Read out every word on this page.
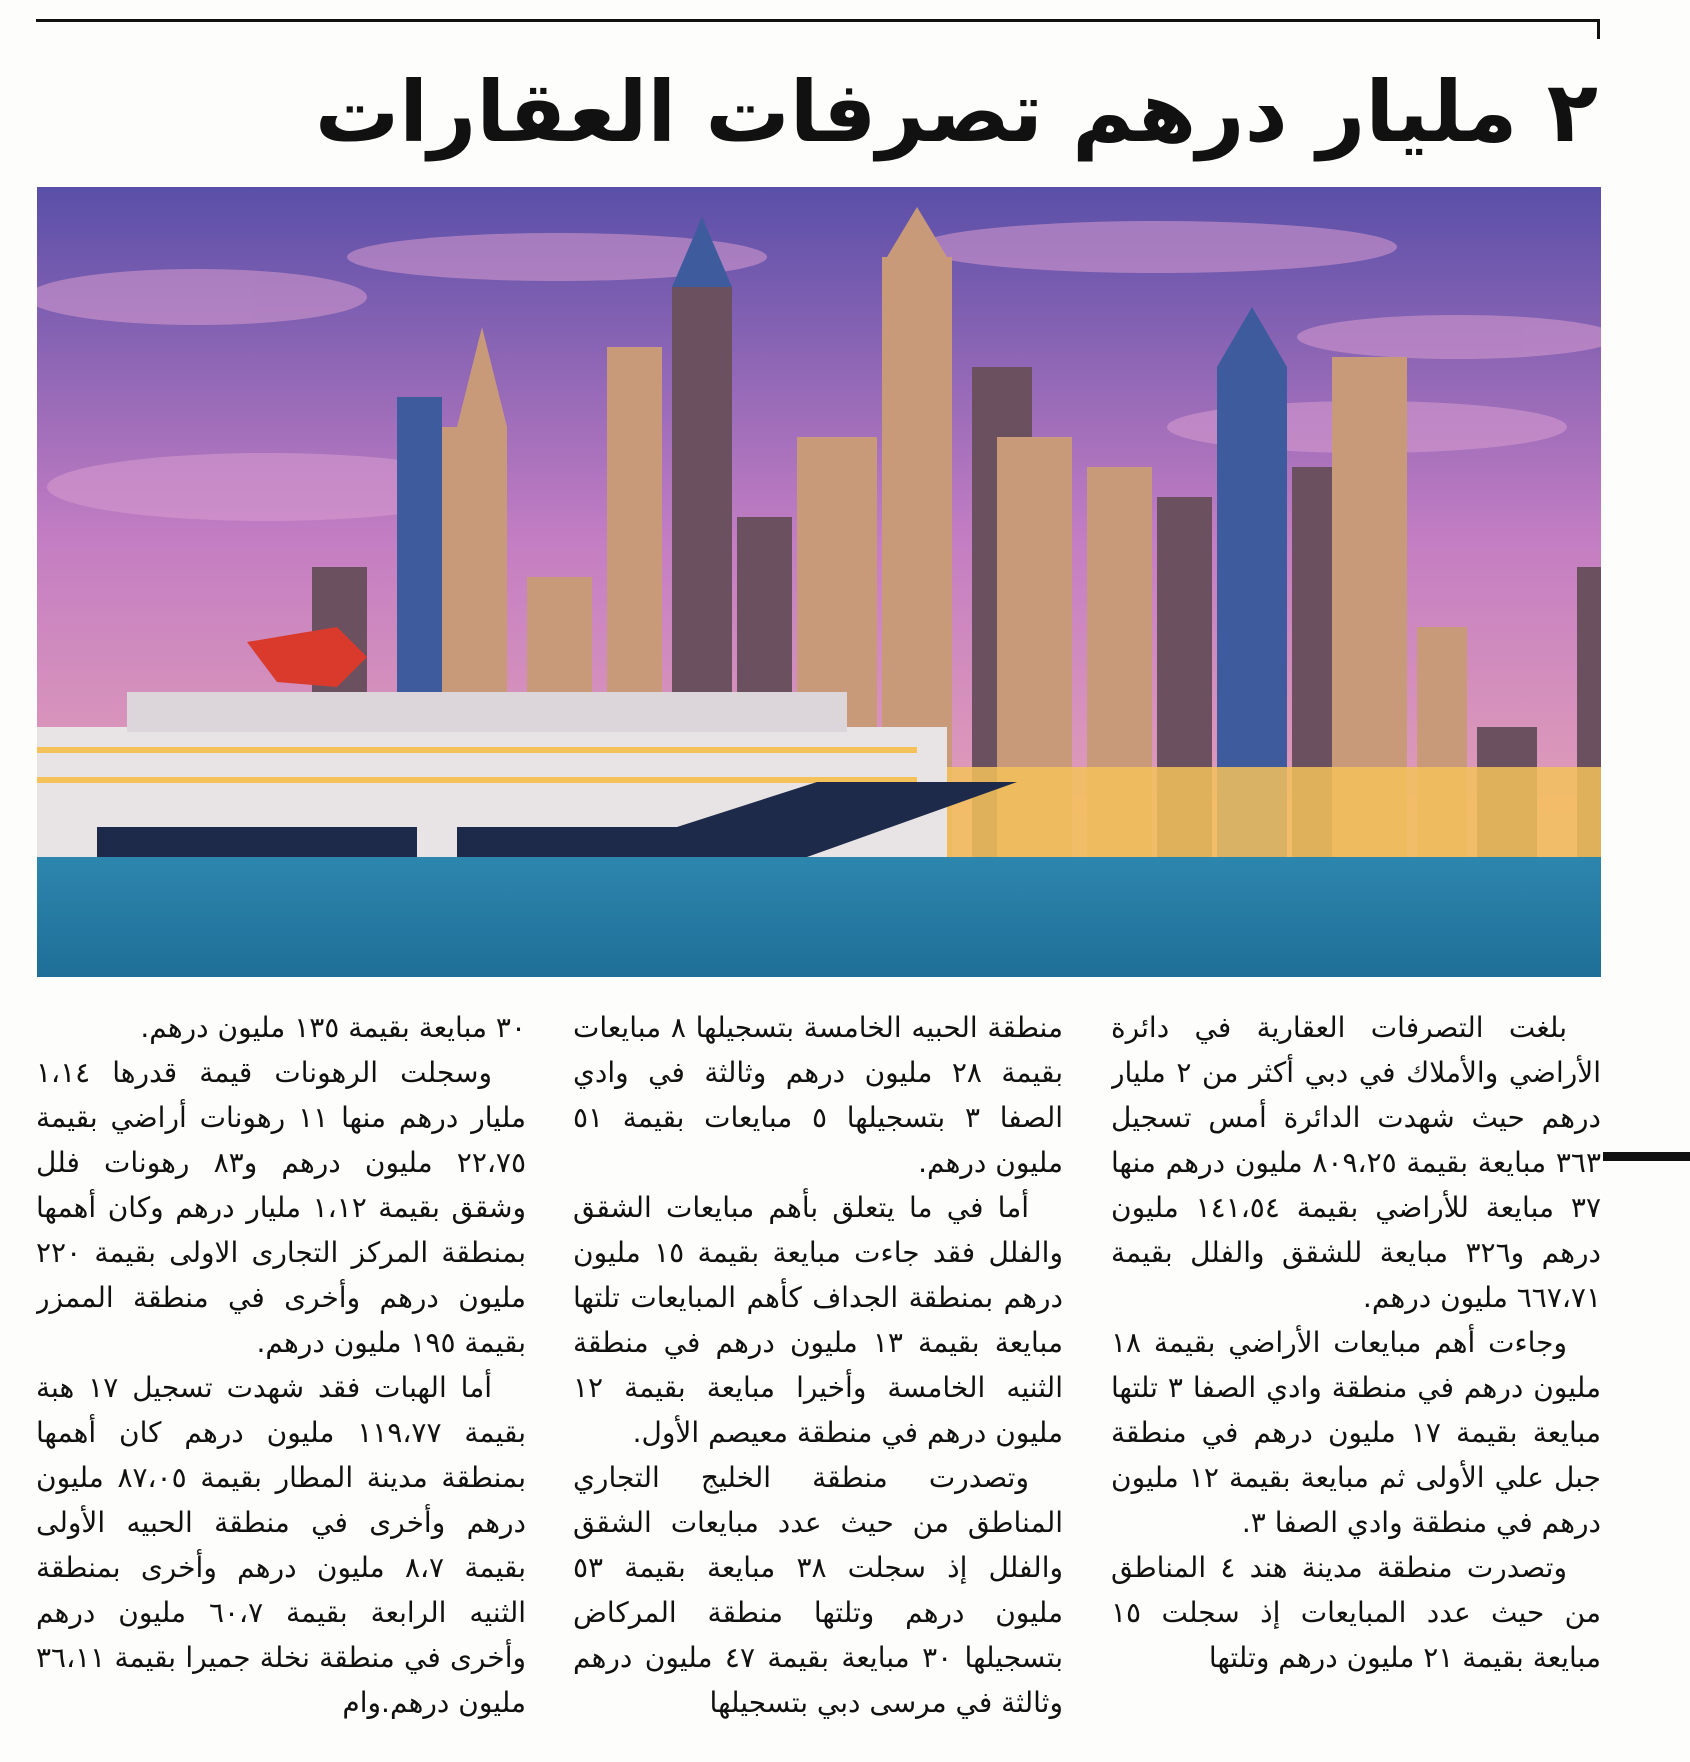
٢ مليار درهم تصرفات العقارات

بلغت التصرفات العقارية في دائرة الأراضي والأملاك في دبي أكثر من ٢ مليار درهم حيث شهدت الدائرة أمس تسجيل ٣٦٣ مبايعة بقيمة ٨٠٩،٢٥ مليون درهم منها ٣٧ مبايعة للأراضي بقيمة ١٤١،٥٤ مليون درهم و٣٢٦ مبايعة للشقق والفلل بقيمة ٦٦٧،٧١ مليون درهم.

وجاءت أهم مبايعات الأراضي بقيمة ١٨ مليون درهم في منطقة وادي الصفا ٣ تلتها مبايعة بقيمة ١٧ مليون درهم في منطقة جبل علي الأولى ثم مبايعة بقيمة ١٢ مليون درهم في منطقة وادي الصفا ٣.

وتصدرت منطقة مدينة هند ٤ المناطق من حيث عدد المبايعات إذ سجلت ١٥ مبايعة بقيمة ٢١ مليون درهم وتلتها

منطقة الحبيه الخامسة بتسجيلها ٨ مبايعات بقيمة ٢٨ مليون درهم وثالثة في وادي الصفا ٣ بتسجيلها ٥ مبايعات بقيمة ٥١ مليون درهم.

أما في ما يتعلق بأهم مبايعات الشقق والفلل فقد جاءت مبايعة بقيمة ١٥ مليون درهم بمنطقة الجداف كأهم المبايعات تلتها مبايعة بقيمة ١٣ مليون درهم في منطقة الثنيه الخامسة وأخيرا مبايعة بقيمة ١٢ مليون درهم في منطقة معيصم الأول.

وتصدرت منطقة الخليج التجاري المناطق من حيث عدد مبايعات الشقق والفلل إذ سجلت ٣٨ مبايعة بقيمة ٥٣ مليون درهم وتلتها منطقة المركاض بتسجيلها ٣٠ مبايعة بقيمة ٤٧ مليون درهم وثالثة في مرسى دبي بتسجيلها

٣٠ مبايعة بقيمة ١٣٥ مليون درهم.

وسجلت الرهونات قيمة قدرها ١،١٤ مليار درهم منها ١١ رهونات أراضي بقيمة ٢٢،٧٥ مليون درهم و٨٣ رهونات فلل وشقق بقيمة ١،١٢ مليار درهم وكان أهمها بمنطقة المركز التجارى الاولى بقيمة ٢٢٠ مليون درهم وأخرى في منطقة الممزر بقيمة ١٩٥ مليون درهم.

أما الهبات فقد شهدت تسجيل ١٧ هبة بقيمة ١١٩،٧٧ مليون درهم كان أهمها بمنطقة مدينة المطار بقيمة ٨٧،٠٥ مليون درهم وأخرى في منطقة الحبيه الأولى بقيمة ٨،٧ مليون درهم وأخرى بمنطقة الثنيه الرابعة بقيمة ٦٠،٧ مليون درهم وأخرى في منطقة نخلة جميرا بقيمة ٣٦،١١ مليون درهم.وام
